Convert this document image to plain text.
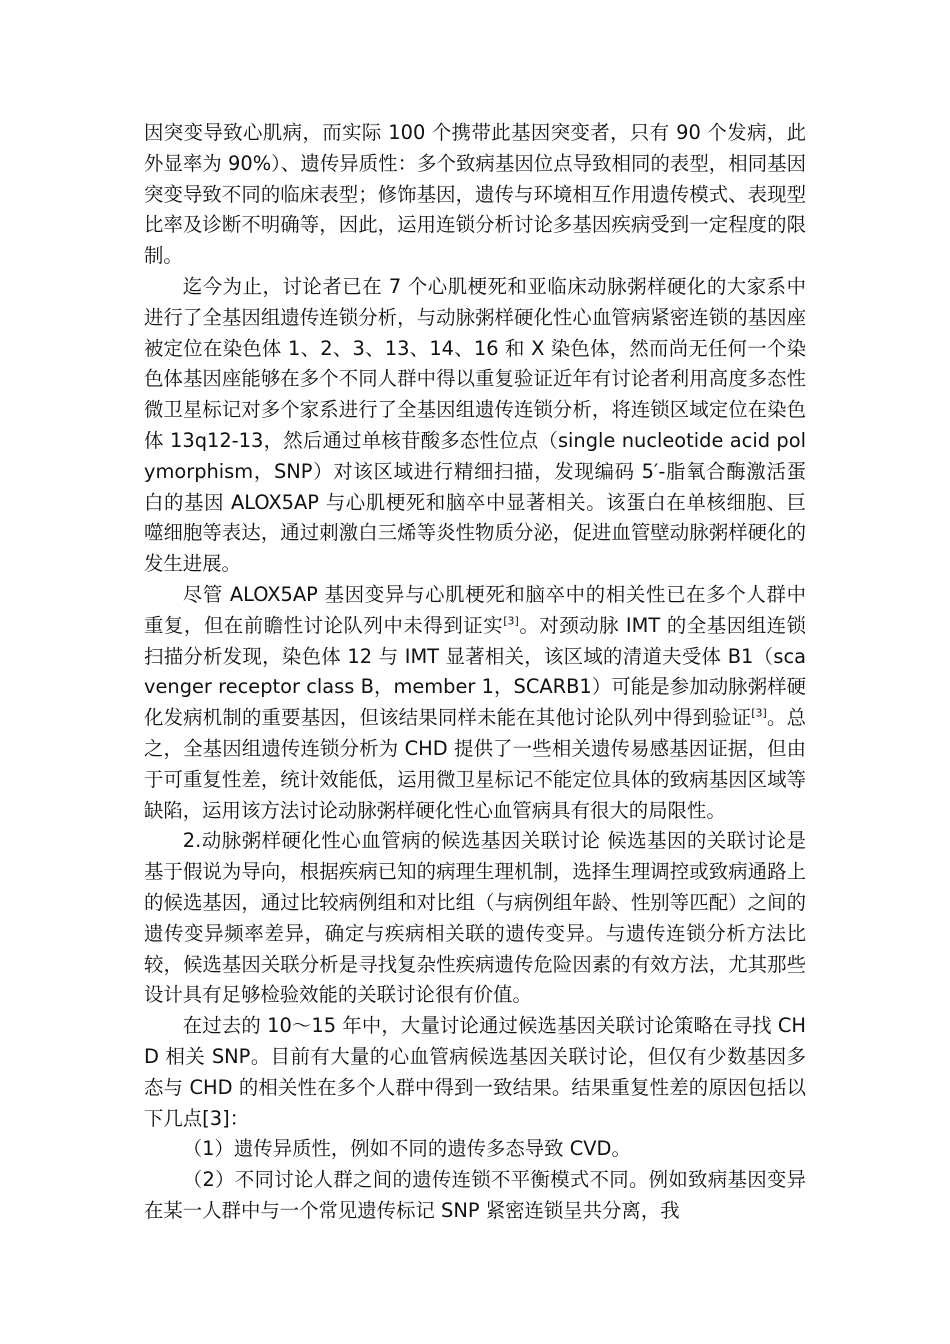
因突变导致心肌病，而实际 100 个携带此基因突变者，只有 90 个发病，此外显率为 90%）、遗传异质性：多个致病基因位点导致相同的表型，相同基因突变导致不同的临床表型；修饰基因，遗传与环境相互作用遗传模式、表现型比率及诊断不明确等，因此，运用连锁分析讨论多基因疾病受到一定程度的限制。

迄今为止，讨论者已在 7 个心肌梗死和亚临床动脉粥样硬化的大家系中进行了全基因组遗传连锁分析，与动脉粥样硬化性心血管病紧密连锁的基因座被定位在染色体 1、2、3、13、14、16 和 X 染色体，然而尚无任何一个染色体基因座能够在多个不同人群中得以重复验证近年有讨论者利用高度多态性微卫星标记对多个家系进行了全基因组遗传连锁分析，将连锁区域定位在染色体 13q12-13，然后通过单核苷酸多态性位点（single nucleotide acid polymorphism，SNP）对该区域进行精细扫描，发现编码 5′-脂氧合酶激活蛋白的基因 ALOX5AP 与心肌梗死和脑卒中显著相关。该蛋白在单核细胞、巨噬细胞等表达，通过刺激白三烯等炎性物质分泌，促进血管壁动脉粥样硬化的发生进展。

尽管 ALOX5AP 基因变异与心肌梗死和脑卒中的相关性已在多个人群中重复，但在前瞻性讨论队列中未得到证实[3]。对颈动脉 IMT 的全基因组连锁扫描分析发现，染色体 12 与 IMT 显著相关，该区域的清道夫受体 B1（scavenger receptor class B，member 1，SCARB1）可能是参加动脉粥样硬化发病机制的重要基因，但该结果同样未能在其他讨论队列中得到验证[3]。总之，全基因组遗传连锁分析为 CHD 提供了一些相关遗传易感基因证据，但由于可重复性差，统计效能低，运用微卫星标记不能定位具体的致病基因区域等缺陷，运用该方法讨论动脉粥样硬化性心血管病具有很大的局限性。

2.动脉粥样硬化性心血管病的候选基因关联讨论 候选基因的关联讨论是基于假说为导向，根据疾病已知的病理生理机制，选择生理调控或致病通路上的候选基因，通过比较病例组和对比组（与病例组年龄、性别等匹配）之间的遗传变异频率差异，确定与疾病相关联的遗传变异。与遗传连锁分析方法比较，候选基因关联分析是寻找复杂性疾病遗传危险因素的有效方法，尤其那些设计具有足够检验效能的关联讨论很有价值。

在过去的 10～15 年中，大量讨论通过候选基因关联讨论策略在寻找 CHD 相关 SNP。目前有大量的心血管病候选基因关联讨论，但仅有少数基因多态与 CHD 的相关性在多个人群中得到一致结果。结果重复性差的原因包括以下几点[3]：

（1）遗传异质性，例如不同的遗传多态导致 CVD。

（2）不同讨论人群之间的遗传连锁不平衡模式不同。例如致病基因变异在某一人群中与一个常见遗传标记 SNP 紧密连锁呈共分离，我
